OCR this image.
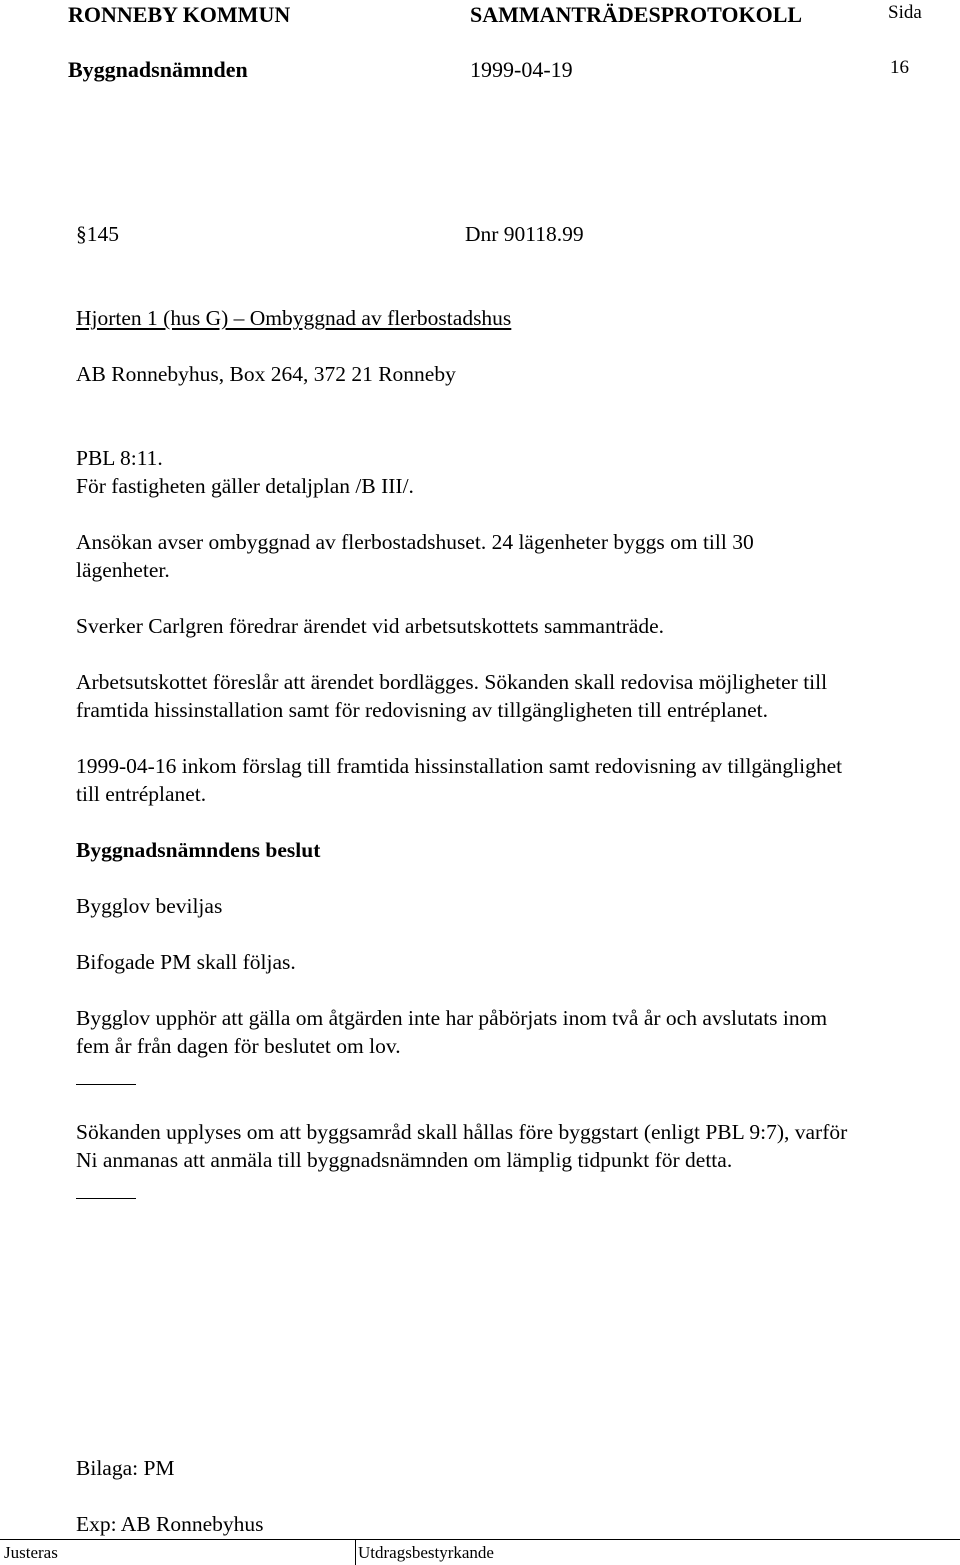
RONNEBY KOMMUN	SAMMANTRÄDESPROTOKOLL	Sida
Byggnadsnämnden	1999-04-19	16
§145	Dnr 90118.99
Hjorten 1 (hus G) – Ombyggnad av flerbostadshus
AB Ronnebyhus, Box 264, 372 21 Ronneby
PBL 8:11.
För fastigheten gäller detaljplan /B III/.
Ansökan avser ombyggnad av flerbostadshuset. 24 lägenheter byggs om till 30
lägenheter.
Sverker Carlgren föredrar ärendet vid arbetsutskottets sammanträde.
Arbetsutskottet föreslår att ärendet bordlägges. Sökanden skall redovisa möjligheter till
framtida hissinstallation samt för redovisning av tillgängligheten till entréplanet.
1999-04-16 inkom förslag till framtida hissinstallation samt redovisning av tillgänglighet
till entréplanet.
Byggnadsnämndens beslut
Bygglov beviljas
Bifogade PM skall följas.
Bygglov upphör att gälla om åtgärden inte har påbörjats inom två år och avslutats inom
fem år från dagen för beslutet om lov.
Sökanden upplyses om att byggsamråd skall hållas före byggstart (enligt PBL 9:7), varför
Ni anmanas att anmäla till byggnadsnämnden om lämplig tidpunkt för detta.
Bilaga: PM
Exp: AB Ronnebyhus
Justeras	Utdragsbestyrkande
